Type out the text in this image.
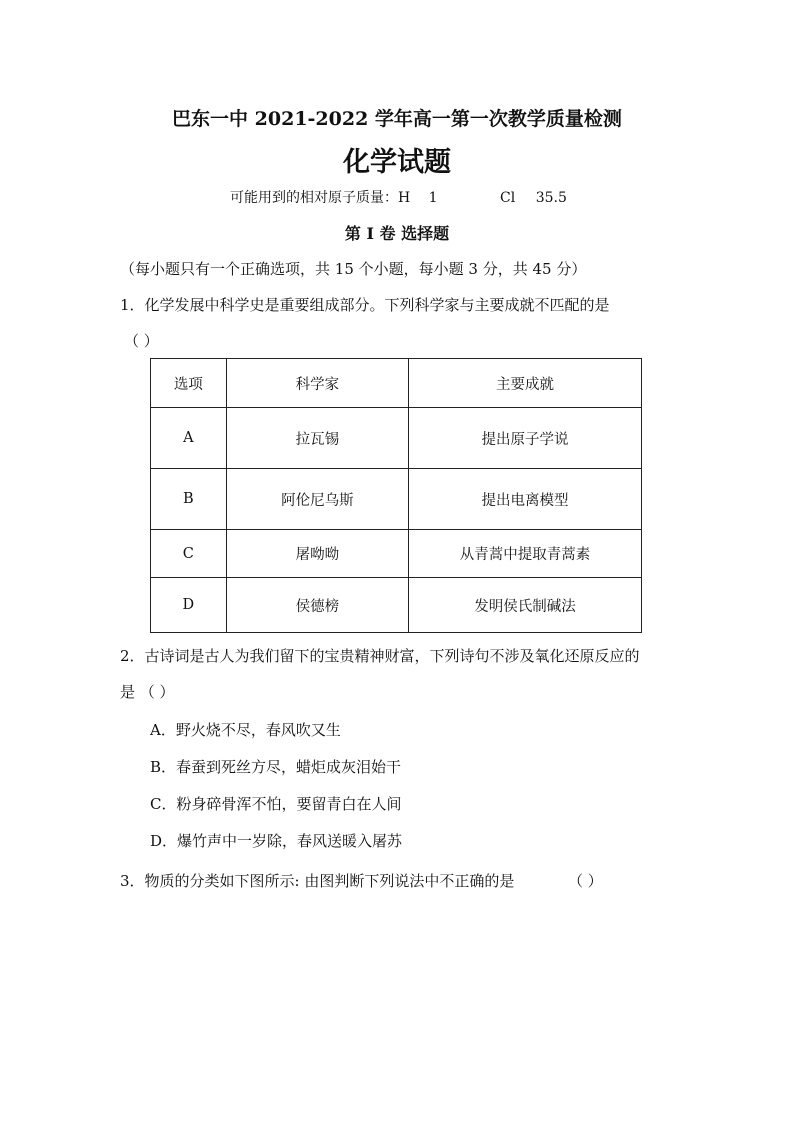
巴东一中 2021-2022 学年高一第一次教学质量检测
化学试题
可能用到的相对原子质量：H 1	Cl 35.5
第 I 卷 选择题
（每小题只有一个正确选项，共 15 个小题，每小题 3 分，共 45 分）
1．化学发展中科学史是重要组成部分。下列科学家与主要成就不匹配的是
（ ）
选项	科学家	主要成就
A	拉瓦锡	提出原子学说
B	阿伦尼乌斯	提出电离模型
C	屠呦呦	从青蒿中提取青蒿素
D	侯德榜	发明侯氏制碱法
2．古诗词是古人为我们留下的宝贵精神财富，下列诗句不涉及氧化还原反应的
是 （ ）
A．野火烧不尽，春风吹又生
B．春蚕到死丝方尽，蜡炬成灰泪始干
C．粉身碎骨浑不怕，要留青白在人间
D．爆竹声中一岁除，春风送暖入屠苏
3．物质的分类如下图所示: 由图判断下列说法中不正确的是	（ ）
